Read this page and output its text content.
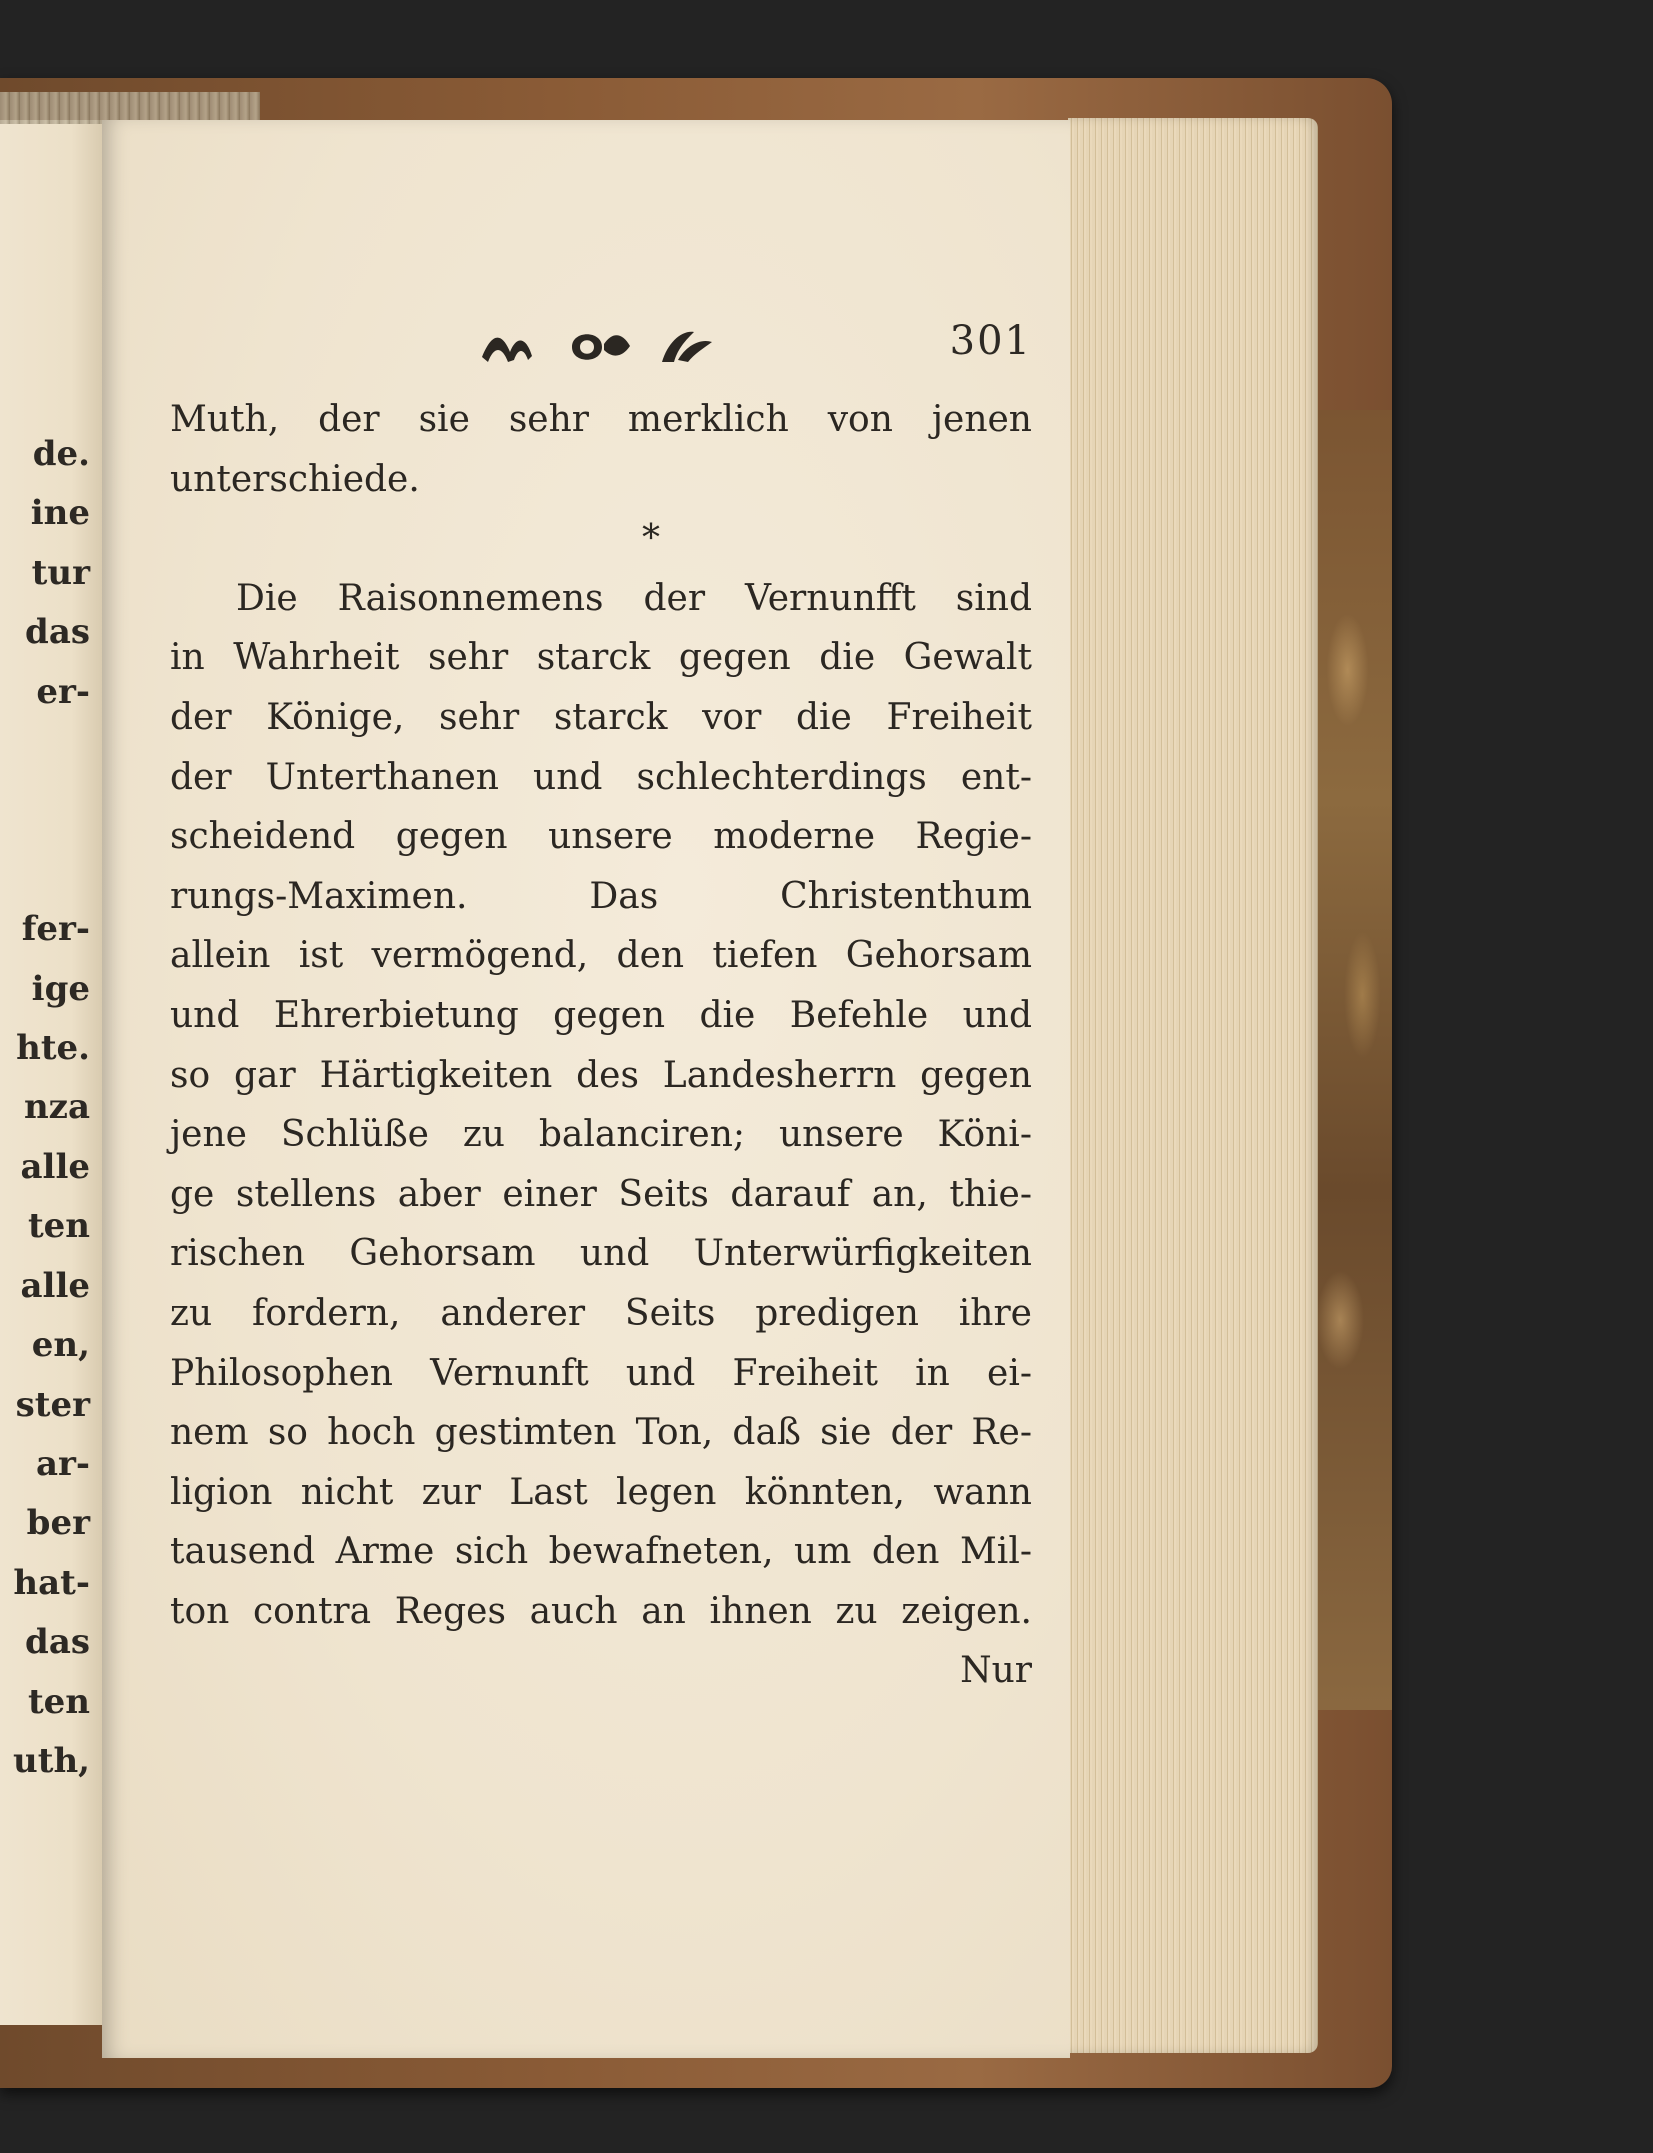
de.
ine
tur
das
er-

fer-
ige
hte.
nza
alle
ten
alle
en,
ster
ar-
ber
hat-
das
ten
uth,
301
Muth, der sie sehr merklich von jenen
unterschiede.
*
Die Raisonnemens der Vernunfft sind
in Wahrheit sehr starck gegen die Gewalt
der Könige, sehr starck vor die Freiheit
der Unterthanen und schlechterdings ent-
scheidend gegen unsere moderne Regie-
rungs-Maximen. Das Christenthum
allein ist vermögend, den tiefen Gehorsam
und Ehrerbietung gegen die Befehle und
so gar Härtigkeiten des Landesherrn gegen
jene Schlüße zu balanciren; unsere Köni-
ge stellens aber einer Seits darauf an, thie-
rischen Gehorsam und Unterwürfigkeiten
zu fordern, anderer Seits predigen ihre
Philosophen Vernunft und Freiheit in ei-
nem so hoch gestimten Ton, daß sie der Re-
ligion nicht zur Last legen könnten, wann
tausend Arme sich bewafneten, um den Mil-
ton contra Reges auch an ihnen zu zeigen.
Nur
